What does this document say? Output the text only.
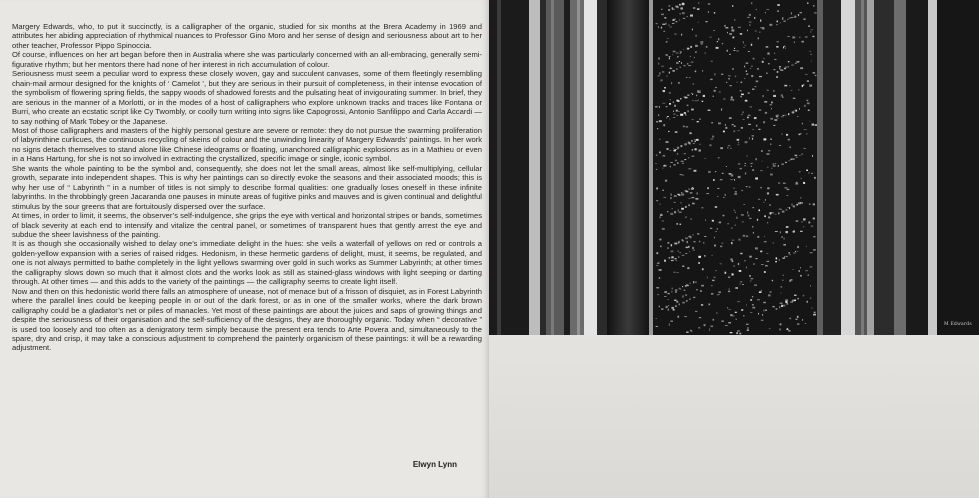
Margery Edwards, who, to put it succinctly, is a calligrapher of the organic, studied for six months at the Brera Academy in 1969 and attributes her abiding appreciation of rhythmical nuances to Professor Gino Moro and her sense of design and seriousness about art to her other teacher, Professor Pippo Spinoccia.

Of course, influences on her art began before then in Australia where she was particularly concerned with an all-embracing, generally semi-figurative rhythm; but her mentors there had none of her interest in rich accumulation of colour.

Seriousness must seem a peculiar word to express these closely woven, gay and succulent canvases, some of them fleetingly resembling chain-mail armour designed for the knights of ‘ Camelot ’, but they are serious in their pursuit of completeness, in their intense evocation of the symbolism of flowering spring fields, the sappy woods of shadowed forests and the pulsating heat of invigourating summer. In brief, they are serious in the manner of a Morlotti, or in the modes of a host of calligraphers who explore unknown tracks and traces like Fontana or Burri, who create an ecstatic script like Cy Twombly, or coolly turn writing into signs like Capogrossi, Antonio Sanfilippo and Carla Accardi — to say nothing of Mark Tobey or the Japanese.

Most of those calligraphers and masters of the highly personal gesture are severe or remote: they do not pursue the swarming proliferation of labyrinthine curlicues, the continuous recycling of skeins of colour and the unwinding linearity of Margery Edwards’ paintings. In her work no signs detach themselves to stand alone like Chinese ideograms or floating, unanchored calligraphic explosions as in a Mathieu or even in a Hans Hartung, for she is not so involved in extracting the crystallized, specific image or single, iconic symbol.

She wants the whole painting to be the symbol and, consequently, she does not let the small areas, almost like self-multiplying, cellular growth, separate into independent shapes. This is why her paintings can so directly evoke the seasons and their associated moods; this is why her use of “ Labyrinth ” in a number of titles is not simply to describe formal qualities: one gradually loses oneself in these infinite labyrinths. In the throbbingly green Jacaranda one pauses in minute areas of fugitive pinks and mauves and is given continual and delightful stimulus by the sour greens that are fortuitously dispersed over the surface.

At times, in order to limit, it seems, the observer’s self-indulgence, she grips the eye with vertical and horizontal stripes or bands, sometimes of black severity at each end to intensify and vitalize the central panel, or sometimes of transparent hues that gently arrest the eye and subdue the sheer lavishness of the painting.

It is as though she occasionally wished to delay one’s immediate delight in the hues: she veils a waterfall of yellows on red or controls a golden-yellow expansion with a series of raised ridges. Hedonism, in these hermetic gardens of delight, must, it seems, be regulated, and one is not always permitted to bathe completely in the light yellows swarming over gold in such works as Summer Labyrinth; at other times the calligraphy slows down so much that it almost clots and the works look as still as stained-glass windows with light seeping or darting through. At other times — and this adds to the variety of the paintings — the calligraphy seems to create light itself.

Now and then on this hedonistic world there falls an atmosphere of unease, not of menace but of a frisson of disquiet, as in Forest Labyrinth where the parallel lines could be keeping people in or out of the dark forest, or as in one of the smaller works, where the dark brown calligraphy could be a gladiator’s net or piles of manacles. Yet most of these paintings are about the juices and saps of growing things and despite the seriousness of their organisation and the self-sufficiency of the designs, they are thoroughly organic. Today when “ decorative ” is used too loosely and too often as a denigratory term simply because the present era tends to Arte Povera and, simultaneously to the spare, dry and crisp, it may take a conscious adjustment to comprehend the painterly organicism of these paintings: it will be a rewarding adjustment.

Elwyn Lynn
M Edwards
